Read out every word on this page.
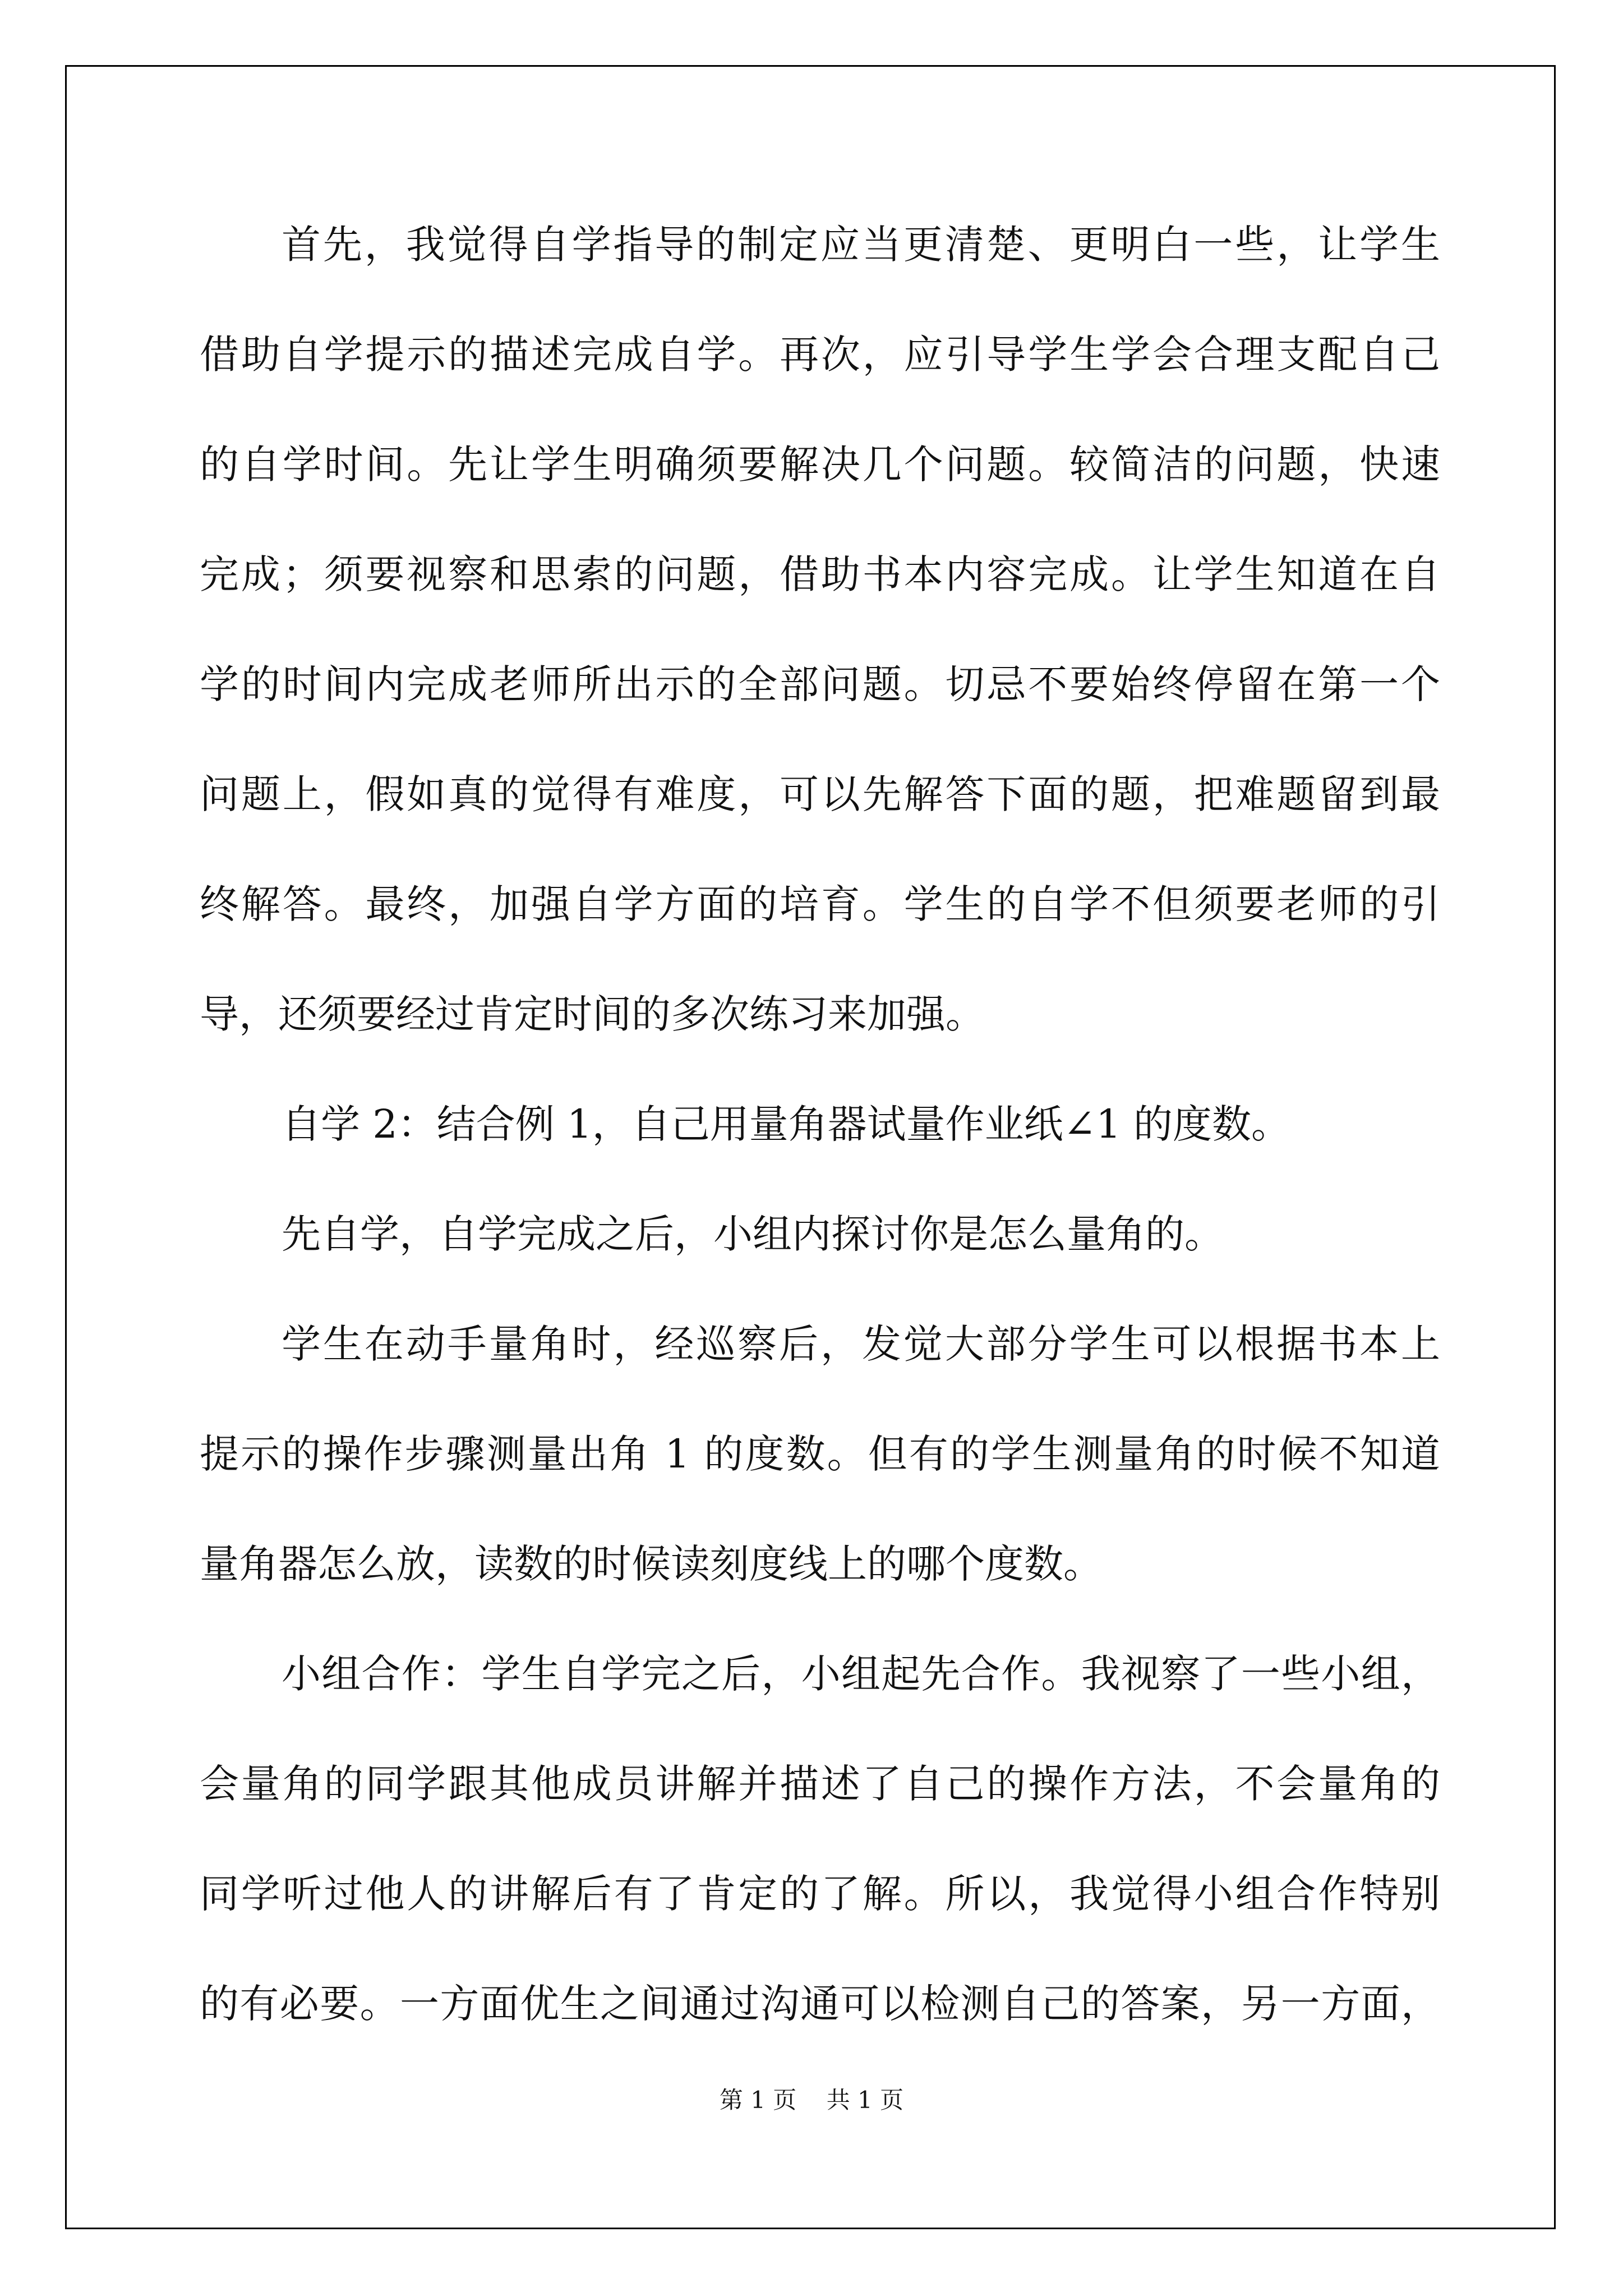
首先，我觉得自学指导的制定应当更清楚、更明白一些，让学生
借助自学提示的描述完成自学。再次，应引导学生学会合理支配自己
的自学时间。先让学生明确须要解决几个问题。较简洁的问题，快速
完成；须要视察和思索的问题，借助书本内容完成。让学生知道在自
学的时间内完成老师所出示的全部问题。切忌不要始终停留在第一个
问题上，假如真的觉得有难度，可以先解答下面的题，把难题留到最
终解答。最终，加强自学方面的培育。学生的自学不但须要老师的引
导，还须要经过肯定时间的多次练习来加强。
自学 2：结合例 1，自己用量角器试量作业纸∠1 的度数。
先自学，自学完成之后，小组内探讨你是怎么量角的。
学生在动手量角时，经巡察后，发觉大部分学生可以根据书本上
提示的操作步骤测量出角 1 的度数。但有的学生测量角的时候不知道
量角器怎么放，读数的时候读刻度线上的哪个度数。
小组合作：学生自学完之后，小组起先合作。我视察了一些小组，
会量角的同学跟其他成员讲解并描述了自己的操作方法，不会量角的
同学听过他人的讲解后有了肯定的了解。所以，我觉得小组合作特别
的有必要。一方面优生之间通过沟通可以检测自己的答案，另一方面，
第 1 页    共 1 页
